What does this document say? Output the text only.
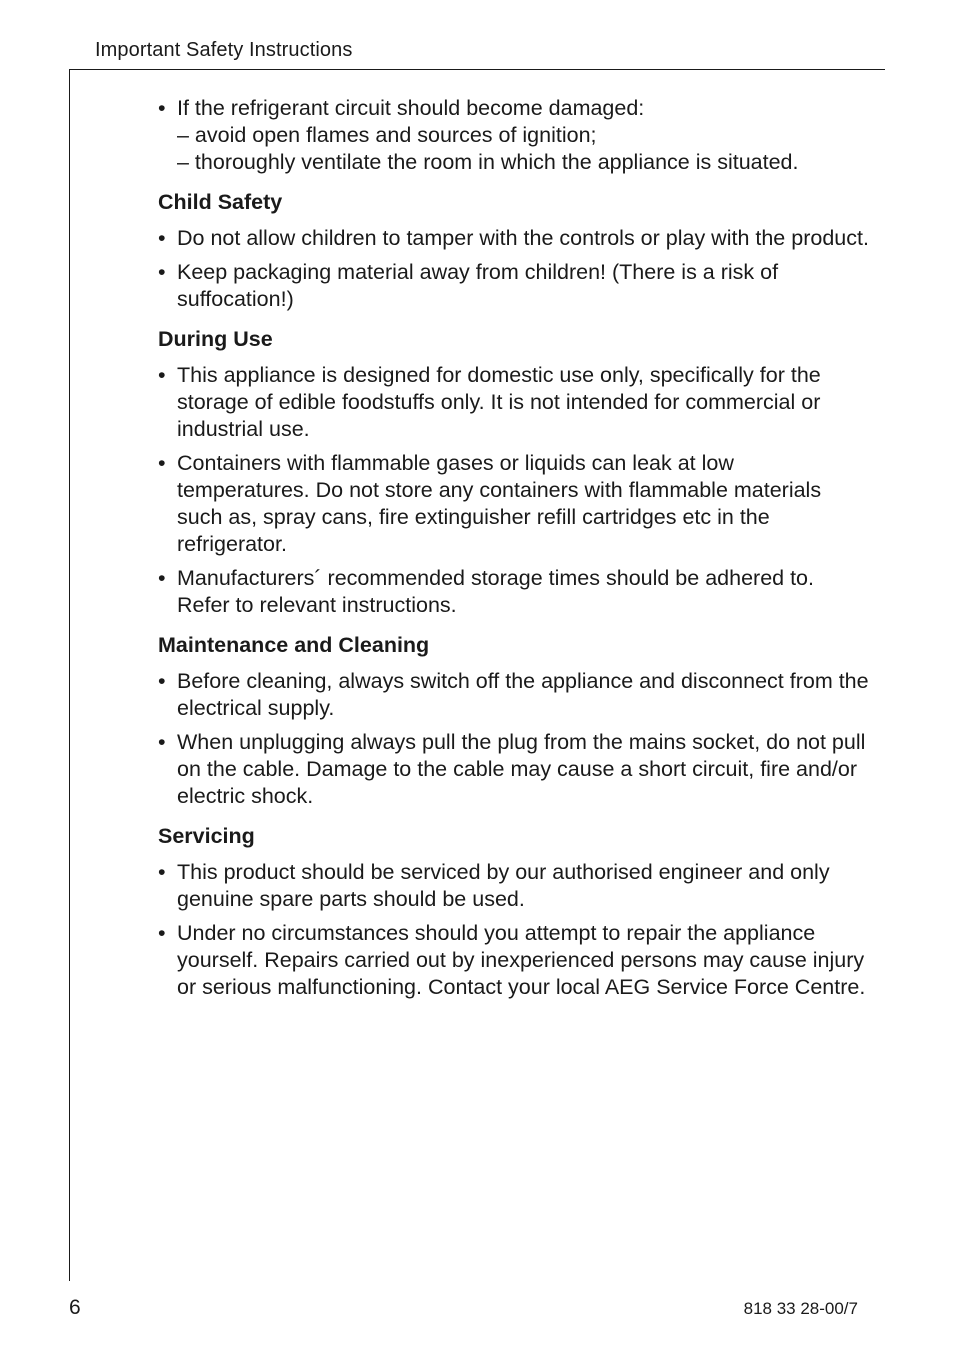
Important Safety Instructions
• If the refrigerant circuit should become damaged:
– avoid open flames and sources of ignition;
– thoroughly ventilate the room in which the appliance is situated.
Child Safety
• Do not allow children to tamper with the controls or play with the product.
• Keep packaging material away from children! (There is a risk of suffocation!)
During Use
• This appliance is designed for domestic use only, specifically for the storage of edible foodstuffs only. It is not intended for commercial or industrial use.
• Containers with flammable gases or liquids can leak at low temperatures. Do not store any containers with flammable materials such as, spray cans, fire extinguisher refill cartridges etc in the refrigerator.
• Manufacturers´ recommended storage times should be adhered to. Refer to relevant instructions.
Maintenance and Cleaning
• Before cleaning, always switch off the appliance and disconnect from the electrical supply.
• When unplugging always pull the plug from the mains socket, do not pull on the cable. Damage to the cable may cause a short circuit, fire and/or electric shock.
Servicing
• This product should be serviced by our authorised engineer and only genuine spare parts should be used.
• Under no circumstances should you attempt to repair the appliance yourself. Repairs carried out by inexperienced persons may cause injury or serious malfunctioning. Contact your local AEG Service Force Centre.
6	818 33 28-00/7
